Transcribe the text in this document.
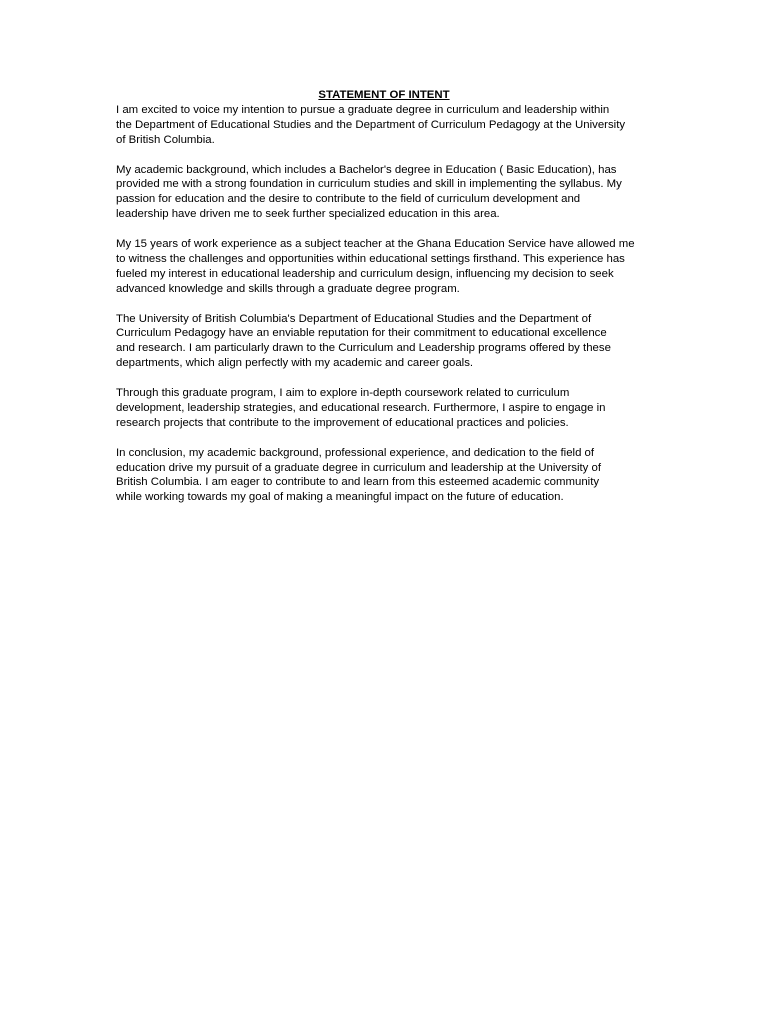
STATEMENT OF INTENT

I am excited to voice my intention to pursue a graduate degree in curriculum and leadership within
the Department of Educational Studies and the Department of Curriculum Pedagogy at the University
of British Columbia.

My academic background, which includes a Bachelor's degree in Education ( Basic Education), has
provided me with a strong foundation in curriculum studies and skill in implementing the syllabus. My
passion for education and the desire to contribute to the field of curriculum development and
leadership have driven me to seek further specialized education in this area.

My 15 years of work experience as a subject teacher at the Ghana Education Service have allowed me
to witness the challenges and opportunities within educational settings firsthand. This experience has
fueled my interest in educational leadership and curriculum design, influencing my decision to seek
advanced knowledge and skills through a graduate degree program.

The University of British Columbia's Department of Educational Studies and the Department of
Curriculum Pedagogy have an enviable reputation for their commitment to educational excellence
and research. I am particularly drawn to the Curriculum and Leadership programs offered by these
departments, which align perfectly with my academic and career goals.

Through this graduate program, I aim to explore in-depth coursework related to curriculum
development, leadership strategies, and educational research. Furthermore, I aspire to engage in
research projects that contribute to the improvement of educational practices and policies.

In conclusion, my academic background, professional experience, and dedication to the field of
education drive my pursuit of a graduate degree in curriculum and leadership at the University of
British Columbia. I am eager to contribute to and learn from this esteemed academic community
while working towards my goal of making a meaningful impact on the future of education.
